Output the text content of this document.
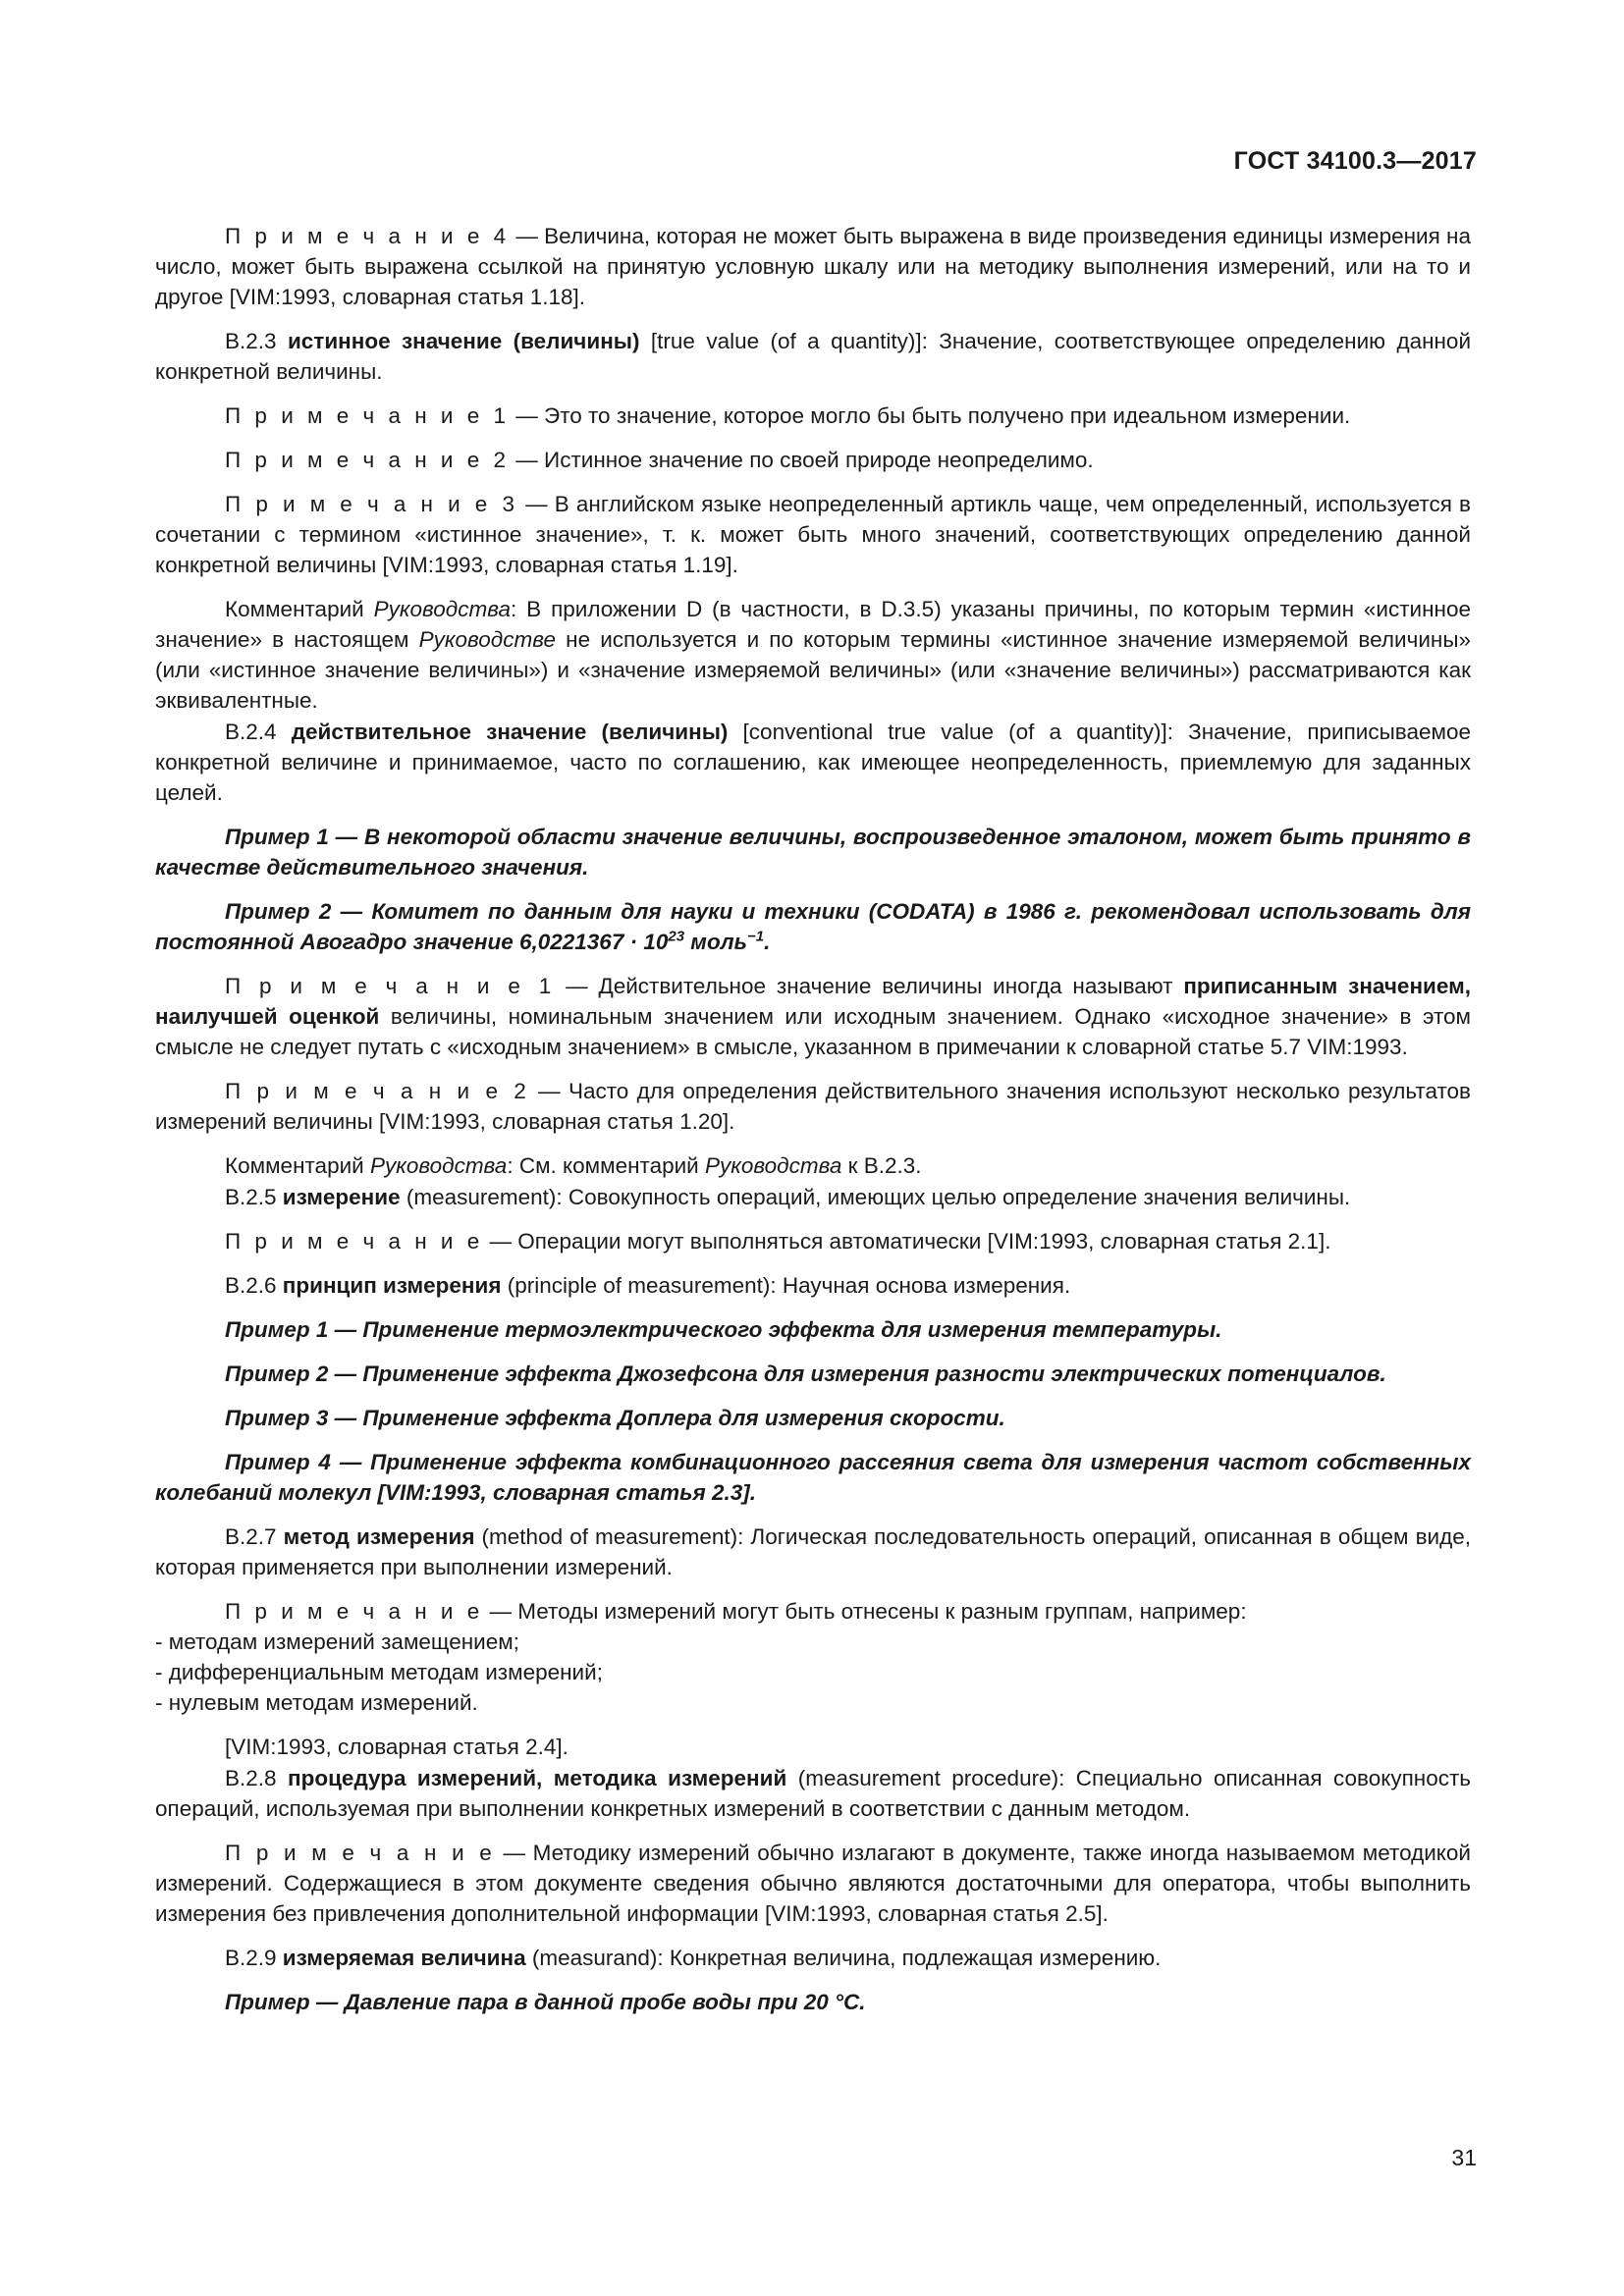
ГОСТ 34100.3—2017

П р и м е ч а н и е 4 — Величина, которая не может быть выражена в виде произведения единицы измерения на число, может быть выражена ссылкой на принятую условную шкалу или на методику выполнения измерений, или на то и другое [VIM:1993, словарная статья 1.18].

В.2.3 истинное значение (величины) [true value (of a quantity)]: Значение, соответствующее определению данной конкретной величины.

П р и м е ч а н и е 1 — Это то значение, которое могло бы быть получено при идеальном измерении.

П р и м е ч а н и е 2 — Истинное значение по своей природе неопределимо.

П р и м е ч а н и е 3 — В английском языке неопределенный артикль чаще, чем определенный, используется в сочетании с термином «истинное значение», т. к. может быть много значений, соответствующих определению данной конкретной величины [VIM:1993, словарная статья 1.19].

Комментарий Руководства: В приложении D (в частности, в D.3.5) указаны причины, по которым термин «истинное значение» в настоящем Руководстве не используется и по которым термины «истинное значение измеряемой величины» (или «истинное значение величины») и «значение измеряемой величины» (или «значение величины») рассматриваются как эквивалентные.

В.2.4 действительное значение (величины) [conventional true value (of a quantity)]: Значение, приписываемое конкретной величине и принимаемое, часто по соглашению, как имеющее неопределенность, приемлемую для заданных целей.

Пример 1 — В некоторой области значение величины, воспроизведенное эталоном, может быть принято в качестве действительного значения.

Пример 2 — Комитет по данным для науки и техники (CODATA) в 1986 г. рекомендовал использовать для постоянной Авогадро значение $6,0221367 \cdot 10^{23}$ моль$^{-1}$.

П р и м е ч а н и е 1 — Действительное значение величины иногда называют приписанным значением, наилучшей оценкой величины, номинальным значением или исходным значением. Однако «исходное значение» в этом смысле не следует путать с «исходным значением» в смысле, указанном в примечании к словарной статье 5.7 VIM:1993.

П р и м е ч а н и е 2 — Часто для определения действительного значения используют несколько результатов измерений величины [VIM:1993, словарная статья 1.20].

Комментарий Руководства: См. комментарий Руководства к В.2.3.

В.2.5 измерение (measurement): Совокупность операций, имеющих целью определение значения величины.

П р и м е ч а н и е — Операции могут выполняться автоматически [VIM:1993, словарная статья 2.1].

В.2.6 принцип измерения (principle of measurement): Научная основа измерения.

Пример 1 — Применение термоэлектрического эффекта для измерения температуры.

Пример 2 — Применение эффекта Джозефсона для измерения разности электрических потенциалов.

Пример 3 — Применение эффекта Доплера для измерения скорости.

Пример 4 — Применение эффекта комбинационного рассеяния света для измерения частот собственных колебаний молекул [VIM:1993, словарная статья 2.3].

В.2.7 метод измерения (method of measurement): Логическая последовательность операций, описанная в общем виде, которая применяется при выполнении измерений.

П р и м е ч а н и е — Методы измерений могут быть отнесены к разным группам, например:

- методам измерений замещением;

- дифференциальным методам измерений;

- нулевым методам измерений.

[VIM:1993, словарная статья 2.4].

В.2.8 процедура измерений, методика измерений (measurement procedure): Специально описанная совокупность операций, используемая при выполнении конкретных измерений в соответствии с данным методом.

П р и м е ч а н и е — Методику измерений обычно излагают в документе, также иногда называемом методикой измерений. Содержащиеся в этом документе сведения обычно являются достаточными для оператора, чтобы выполнить измерения без привлечения дополнительной информации [VIM:1993, словарная статья 2.5].

В.2.9 измеряемая величина (measurand): Конкретная величина, подлежащая измерению.

Пример — Давление пара в данной пробе воды при 20 °С.

31
